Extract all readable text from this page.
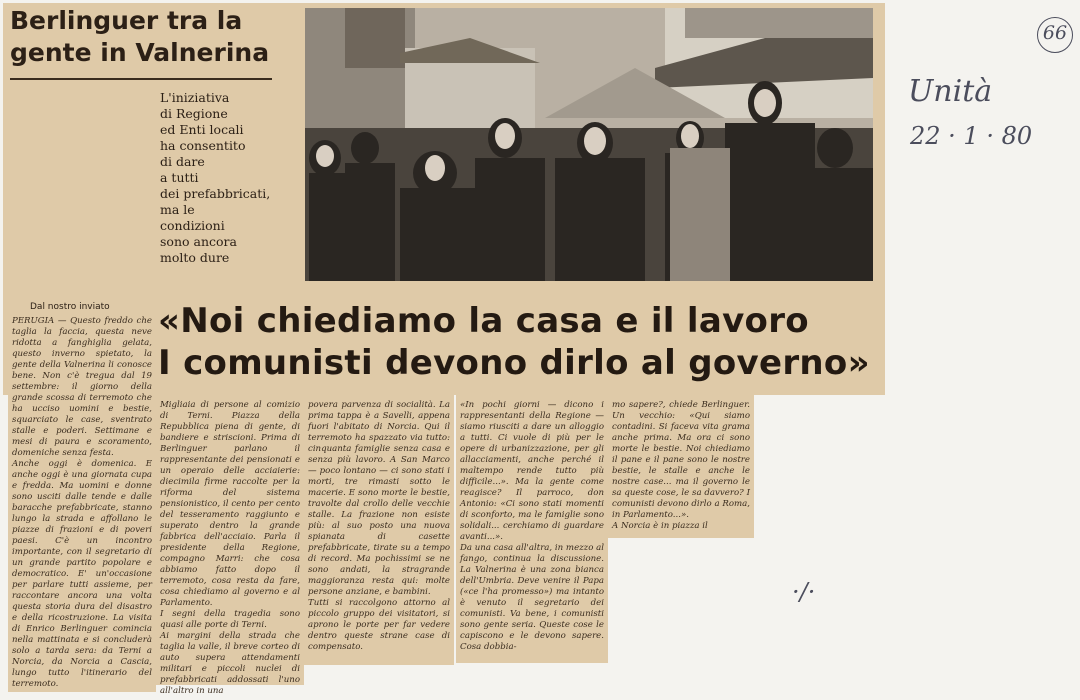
Berlinguer tra la gente in Valnerina
L'iniziativa
di Regione
ed Enti locali
ha consentito
di dare
a tutti
dei prefabbricati,
ma le
condizioni
sono ancora
molto dure
Dal nostro inviato «Noi chiediamo la casa e il lavoro
I comunisti devono dirlo al governo»
PERUGIA — Questo freddo che taglia la faccia, questa neve ridotta a fanghiglia gelata, questo inverno spietato, la gente della Valnerina li conosce bene. Non c'è tregua dal 19 settembre: il giorno della grande scossa di terremoto che ha ucciso uomini e bestie, squarciato le case, sventrato stalle e poderi. Settimane e mesi di paura e scoramento, domeniche senza festa.
Anche oggi è domenica. E anche oggi è una giornata cupa e fredda. Ma uomini e donne sono usciti dalle tende e dalle baracche prefabbricate, stanno lungo la strada e affollano le piazze di frazioni e di poveri paesi. C'è un incontro importante, con il segretario di un grande partito popolare e democratico. E' un'occasione per parlare tutti assieme, per raccontare ancora una volta questa storia dura del disastro e della ricostruzione. La visita di Enrico Berlinguer comincia nella mattinata e si concluderà solo a tarda sera: da Terni a Norcia, da Norcia a Cascia, lungo tutto l'itinerario del terremoto.
Migliaia di persone al comizio di Terni. Piazza della Repubblica piena di gente, di bandiere e striscioni. Prima di Berlinguer parlano il rappresentante dei pensionati e un operaio delle acciaierie: diecimila firme raccolte per la riforma del sistema pensionistico, il cento per cento del tesseramento raggiunto e superato dentro la grande fabbrica dell'acciaio. Parla il presidente della Regione, compagno Marri: che cosa abbiamo fatto dopo il terremoto, cosa resta da fare, cosa chiediamo al governo e al Parlamento.
I segni della tragedia sono quasi alle porte di Terni.
Ai margini della strada che taglia la valle, il breve corteo di auto supera attendamenti militari e piccoli nuclei di prefabbricati addossati l'uno all'altro in una
povera parvenza di socialità. La prima tappa è a Savelli, appena fuori l'abitato di Norcia. Qui il terremoto ha spazzato via tutto: cinquanta famiglie senza casa e senza più lavoro. A San Marco — poco lontano — ci sono stati i morti, tre rimasti sotto le macerie. E sono morte le bestie, travolte dal crollo delle vecchie stalle. La frazione non esiste più: al suo posto una nuova spianata di casette prefabbricate, tirate su a tempo di record. Ma pochissimi se ne sono andati, la stragrande maggioranza resta qui: molte persone anziane, e bambini.
Tutti si raccolgono attorno al piccolo gruppo dei visitatori, si aprono le porte per far vedere dentro queste strane case di compensato.
«In pochi giorni — dicono i rappresentanti della Regione — siamo riusciti a dare un alloggio a tutti. Ci vuole di più per le opere di urbanizzazione, per gli allacciamenti, anche perché il maltempo rende tutto più difficile...». Ma la gente come reagisce? Il parroco, don Antonio: «Ci sono stati momenti di sconforto, ma le famiglie sono solidali... cerchiamo di guardare avanti...».
Da una casa all'altra, in mezzo al fango, continua la discussione. La Valnerina è una zona bianca dell'Umbria. Deve venire il Papa («ce l'ha promesso») ma intanto è venuto il segretario dei comunisti. Va bene, i comunisti sono gente seria. Queste cose le capiscono e le devono sapere. Cosa dobbia-
mo sapere?, chiede Berlinguer. Un vecchio: «Qui siamo contadini. Si faceva vita grama anche prima. Ma ora ci sono morte le bestie. Noi chiediamo il pane e il pane sono le nostre bestie, le stalle e anche le nostre case... ma il governo le sa queste cose, le sa davvero? I comunisti devono dirlo a Roma, in Parlamento...».
A Norcia è in piazza il
66
Unità
22 · 1 · 80
·/·
